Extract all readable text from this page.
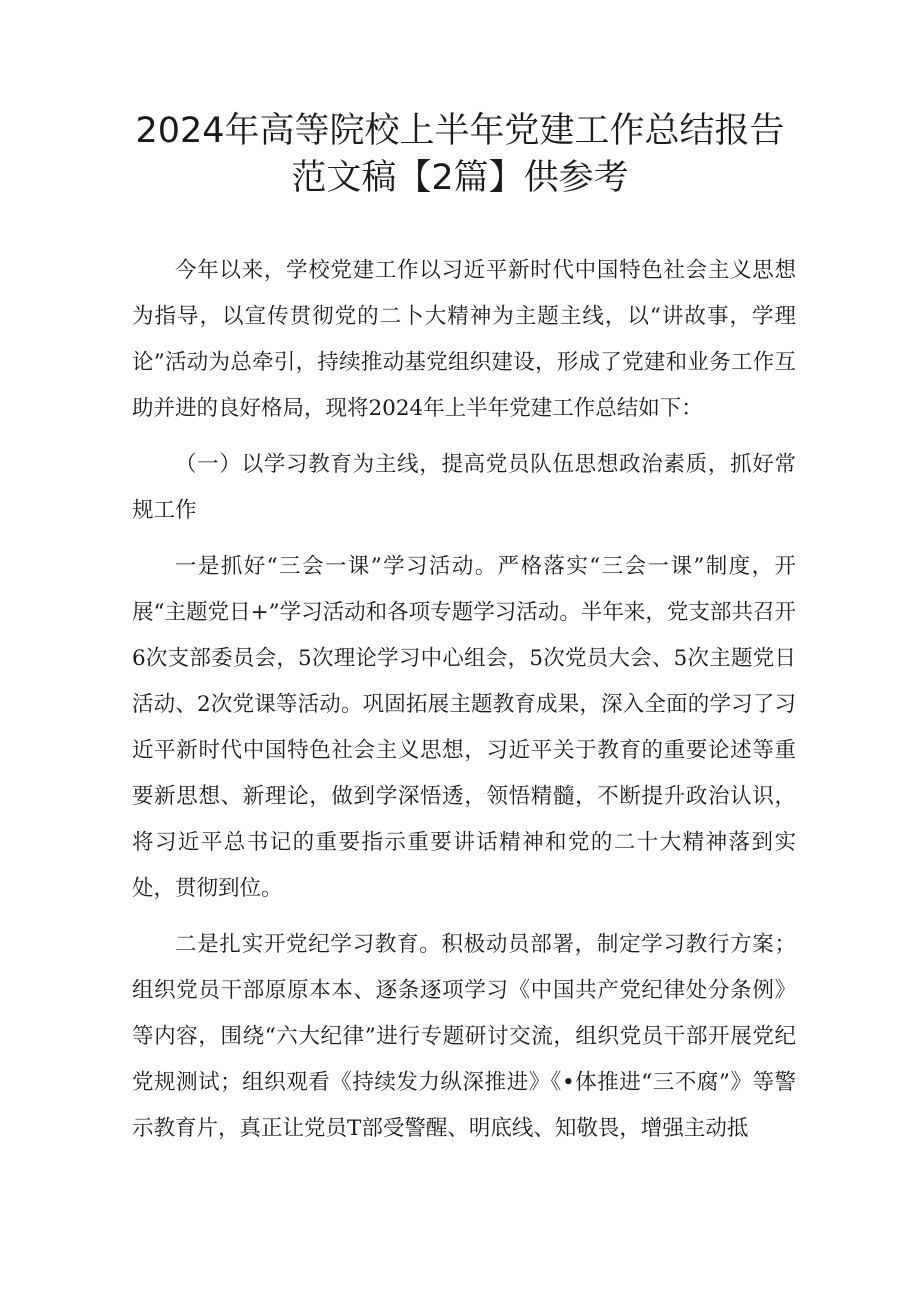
2024年高等院校上半年党建工作总结报告
范文稿【2篇】供参考

今年以来，学校党建工作以习近平新时代中国特色社会主义思想为指导，以宣传贯彻党的二卜大精神为主题主线，以“讲故事，学理论”活动为总牵引，持续推动基党组织建设，形成了党建和业务工作互助并进的良好格局，现将2024年上半年党建工作总结如下：

（一）以学习教育为主线，提高党员队伍思想政治素质，抓好常规工作

一是抓好“三会一课”学习活动。严格落实“三会一课”制度，开展“主题党日+”学习活动和各项专题学习活动。半年来，党支部共召开6次支部委员会，5次理论学习中心组会，5次党员大会、5次主题党日活动、2次党课等活动。巩固拓展主题教育成果，深入全面的学习了习近平新时代中国特色社会主义思想，习近平关于教育的重要论述等重要新思想、新理论，做到学深悟透，领悟精髓，不断提升政治认识，将习近平总书记的重要指示重要讲话精神和党的二十大精神落到实处，贯彻到位。

二是扎实开党纪学习教育。积极动员部署，制定学习教行方案；组织党员干部原原本本、逐条逐项学习《中国共产党纪律处分条例》等内容，围绕“六大纪律”进行专题研讨交流，组织党员干部开展党纪党规测试；组织观看《持续发力纵深推进》《•体推进“三不腐”》等警示教育片，真正让党员T部受警醒、明底线、知敬畏，增强主动抵
